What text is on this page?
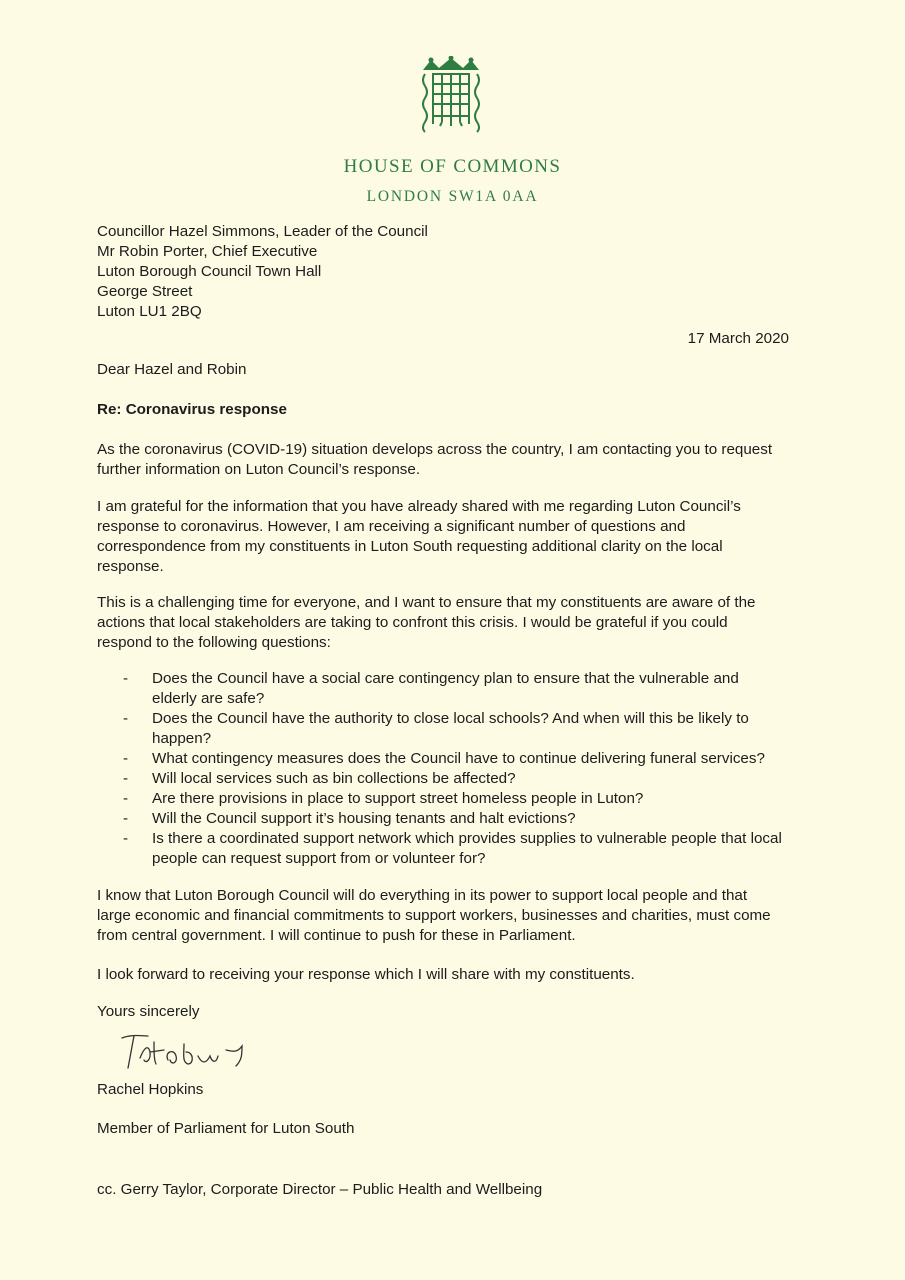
HOUSE OF COMMONS
LONDON SW1A 0AA
Councillor Hazel Simmons, Leader of the Council
Mr Robin Porter, Chief Executive
Luton Borough Council Town Hall
George Street
Luton LU1 2BQ
17 March 2020
Dear Hazel and Robin
Re: Coronavirus response
As the coronavirus (COVID-19) situation develops across the country, I am contacting you to request
further information on Luton Council’s response.
I am grateful for the information that you have already shared with me regarding Luton Council’s
response to coronavirus. However, I am receiving a significant number of questions and
correspondence from my constituents in Luton South requesting additional clarity on the local
response.
This is a challenging time for everyone, and I want to ensure that my constituents are aware of the
actions that local stakeholders are taking to confront this crisis. I would be grateful if you could
respond to the following questions:
- Does the Council have a social care contingency plan to ensure that the vulnerable and
elderly are safe?
- Does the Council have the authority to close local schools? And when will this be likely to
happen?
- What contingency measures does the Council have to continue delivering funeral services?
- Will local services such as bin collections be affected?
- Are there provisions in place to support street homeless people in Luton?
- Will the Council support it’s housing tenants and halt evictions?
- Is there a coordinated support network which provides supplies to vulnerable people that local
people can request support from or volunteer for?
I know that Luton Borough Council will do everything in its power to support local people and that
large economic and financial commitments to support workers, businesses and charities, must come
from central government. I will continue to push for these in Parliament.
I look forward to receiving your response which I will share with my constituents.
Yours sincerely
Rachel Hopkins
Member of Parliament for Luton South
cc. Gerry Taylor, Corporate Director – Public Health and Wellbeing
